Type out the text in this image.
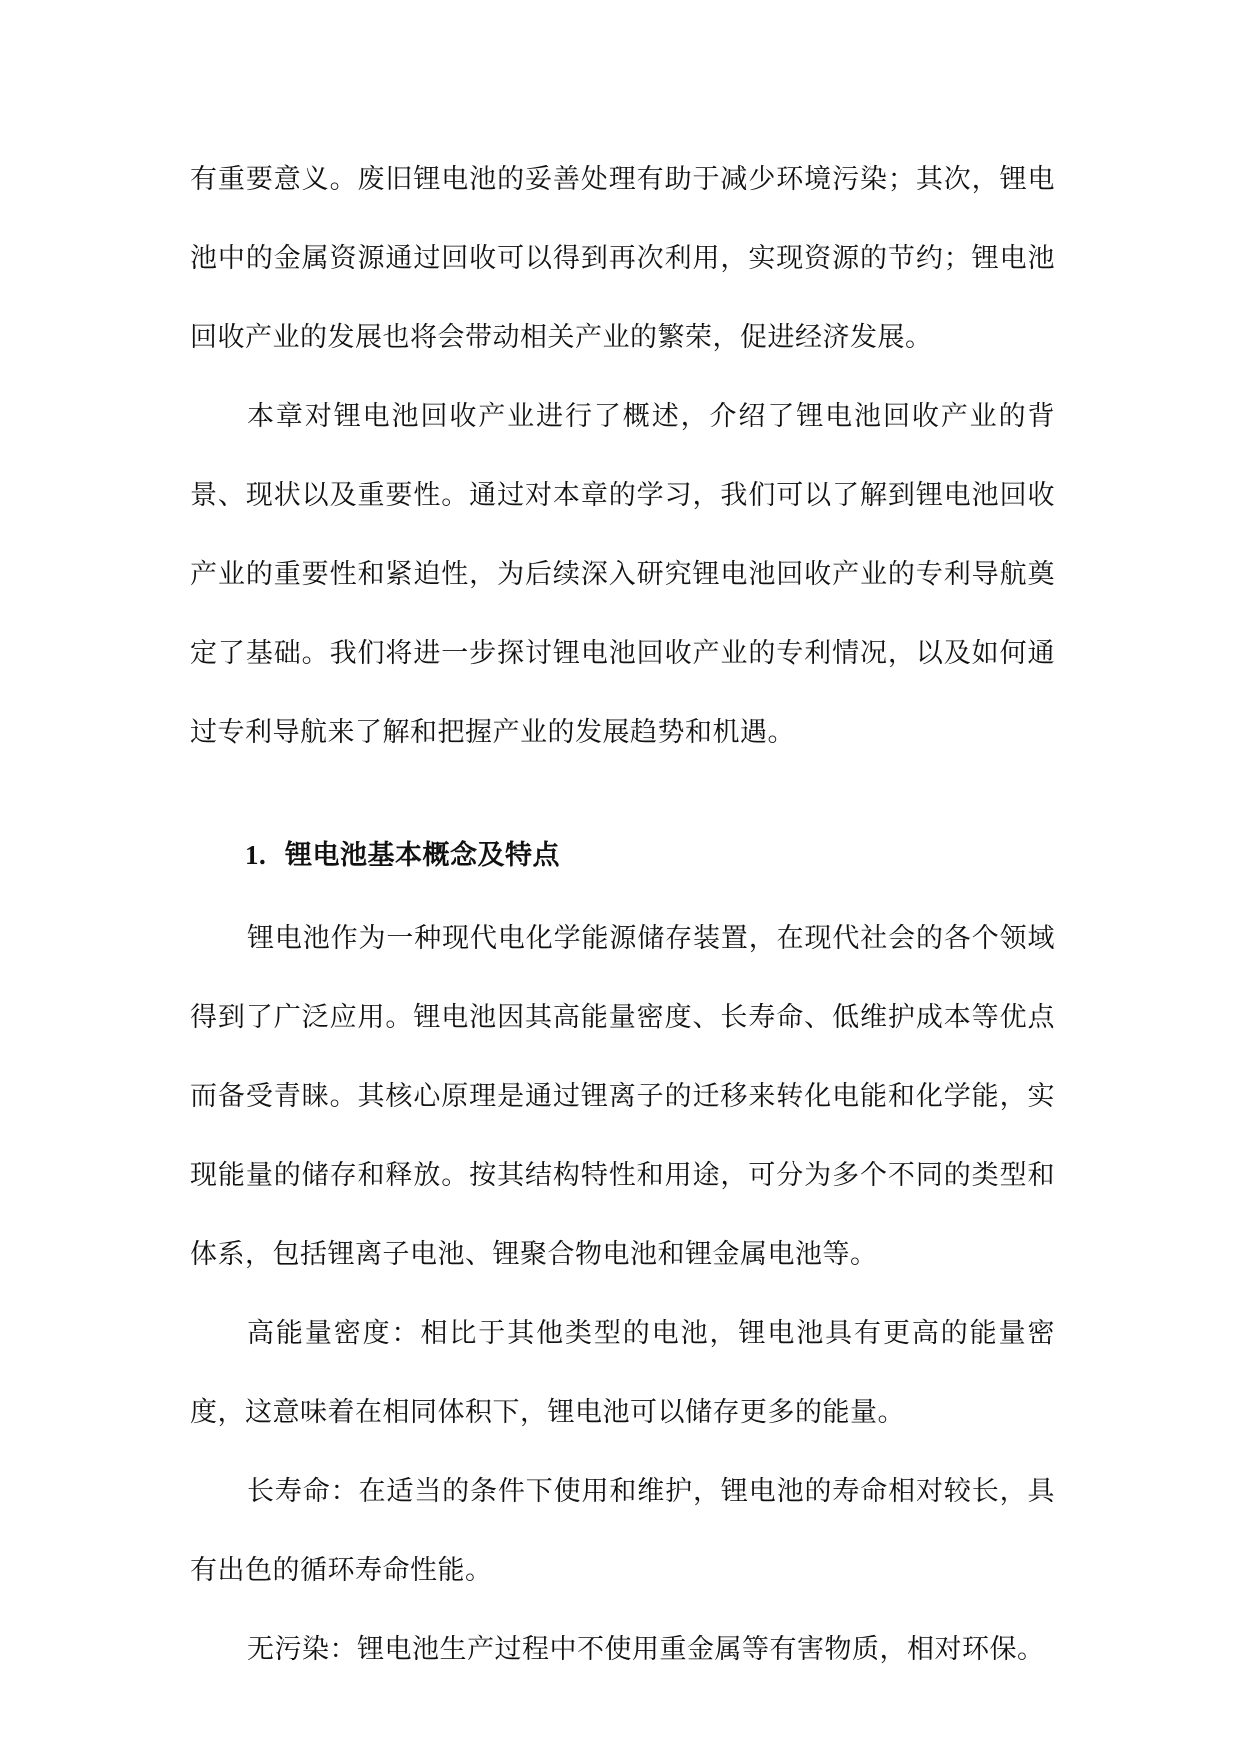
有重要意义。废旧锂电池的妥善处理有助于减少环境污染；其次，锂电池中的金属资源通过回收可以得到再次利用，实现资源的节约；锂电池回收产业的发展也将会带动相关产业的繁荣，促进经济发展。

本章对锂电池回收产业进行了概述，介绍了锂电池回收产业的背景、现状以及重要性。通过对本章的学习，我们可以了解到锂电池回收产业的重要性和紧迫性，为后续深入研究锂电池回收产业的专利导航奠定了基础。我们将进一步探讨锂电池回收产业的专利情况，以及如何通过专利导航来了解和把握产业的发展趋势和机遇。

1. 锂电池基本概念及特点

锂电池作为一种现代电化学能源储存装置，在现代社会的各个领域得到了广泛应用。锂电池因其高能量密度、长寿命、低维护成本等优点而备受青睐。其核心原理是通过锂离子的迁移来转化电能和化学能，实现能量的储存和释放。按其结构特性和用途，可分为多个不同的类型和体系，包括锂离子电池、锂聚合物电池和锂金属电池等。

高能量密度：相比于其他类型的电池，锂电池具有更高的能量密度，这意味着在相同体积下，锂电池可以储存更多的能量。

长寿命：在适当的条件下使用和维护，锂电池的寿命相对较长，具有出色的循环寿命性能。

无污染：锂电池生产过程中不使用重金属等有害物质，相对环保。
